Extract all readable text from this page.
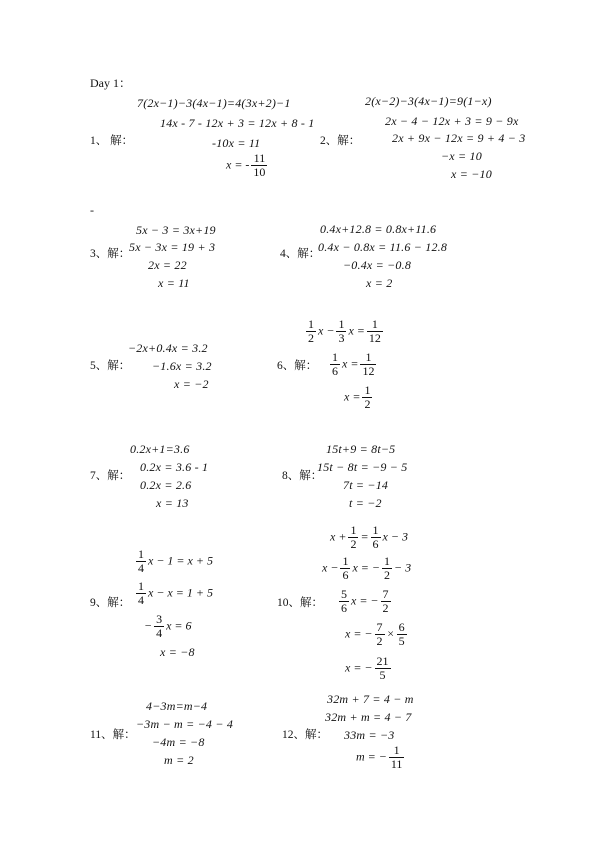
Day 1：
1、 解：
7(2x−1)−3(4x−1)=4(3x+2)−1
14x - 7 - 12x + 3 = 12x + 8 - 1
-10x = 11
x = - $\frac{11}{10}$
2、解：
2(x−2)−3(4x−1)=9(1−x)
2x − 4 − 12x + 3 = 9 − 9x
2x + 9x − 12x = 9 + 4 − 3
−x = 10
x = −10
-
3、解：
5x − 3 = 3x+19
5x − 3x = 19 + 3
2x = 22
x = 11
4、解：
0.4x+12.8 = 0.8x+11.6
0.4x − 0.8x = 11.6 − 12.8
−0.4x = −0.8
x = 2
5、解：
−2x+0.4x = 3.2
−1.6x = 3.2
x = −2
6、解：
$\frac{1}{2}$ $x - \frac{1}{3}$ $x = \frac{1}{12}$
$\frac{1}{6}$ $x = \frac{1}{12}$
$x = \frac{1}{2}$
7、解：
0.2x+1=3.6
0.2x = 3.6 - 1
0.2x = 2.6
x = 13
8、解：
15t+9 = 8t−5
15t − 8t = −9 − 5
7t = −14
t = −2
9、解：
$\frac{1}{4}$ x − 1 = x + 5
$\frac{1}{4}$ x − x = 1 + 5
− $\frac{3}{4}$ x = 6
x = −8
10、解：
$x + \frac{1}{2} = \frac{1}{6}$ x − 3
$x - \frac{1}{6}$ x = − $\frac{1}{2} - 3$
$\frac{5}{6}$ x = − $\frac{7}{2}$
x = − $\frac{7}{2} \times \frac{6}{5}$
x = − $\frac{21}{5}$
11、解：
4−3m=m−4
−3m − m = −4 − 4
−4m = −8
m = 2
12、解：
32m + 7 = 4 − m
32m + m = 4 − 7
33m = −3
m = − $\frac{1}{11}$
